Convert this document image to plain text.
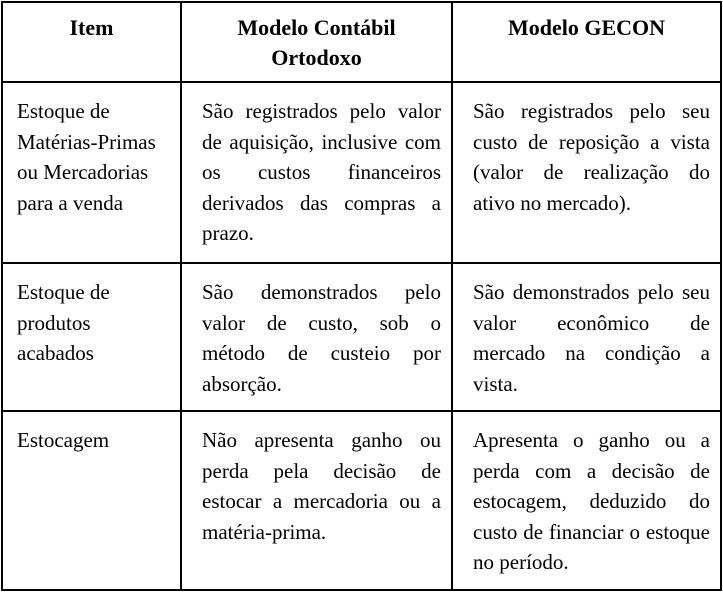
Item	Modelo Contábil Ortodoxo	Modelo GECON

Estoque de Matérias-Primas ou Mercadorias para a venda	São registrados pelo valor de aquisição, inclusive com os custos financeiros derivados das compras a prazo.	São registrados pelo seu custo de reposição a vista (valor de realização do ativo no mercado).

Estoque de produtos acabados	São demonstrados pelo valor de custo, sob o método de custeio por absorção.	São demonstrados pelo seu valor econômico de mercado na condição a vista.

Estocagem	Não apresenta ganho ou perda pela decisão de estocar a mercadoria ou a matéria-prima.	Apresenta o ganho ou a perda com a decisão de estocagem, deduzido do custo de financiar o estoque no período.
